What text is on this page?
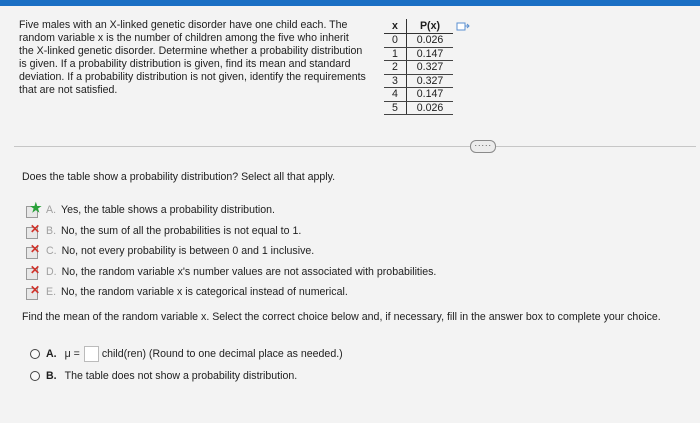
Five males with an X-linked genetic disorder have one child each. The

random variable x is the number of children among the five who inherit

the X-linked genetic disorder. Determine whether a probability distribution

is given. If a probability distribution is given, find its mean and standard

deviation. If a probability distribution is not given, identify the requirements

that are not satisfied.

x	P(x)
0	0.026
1	0.147
2	0.327
3	0.327
4	0.147
5	0.026
·····
Does the table show a probability distribution? Select all that apply.
★ A. Yes, the table shows a probability distribution.
✕ B. No, the sum of all the probabilities is not equal to 1.
✕ C. No, not every probability is between 0 and 1 inclusive.
✕ D. No, the random variable x's number values are not associated with probabilities.
✕ E. No, the random variable x is categorical instead of numerical.
Find the mean of the random variable x. Select the correct choice below and, if necessary, fill in the answer box to complete your choice.
A. μ = child(ren) (Round to one decimal place as needed.)
B. The table does not show a probability distribution.
